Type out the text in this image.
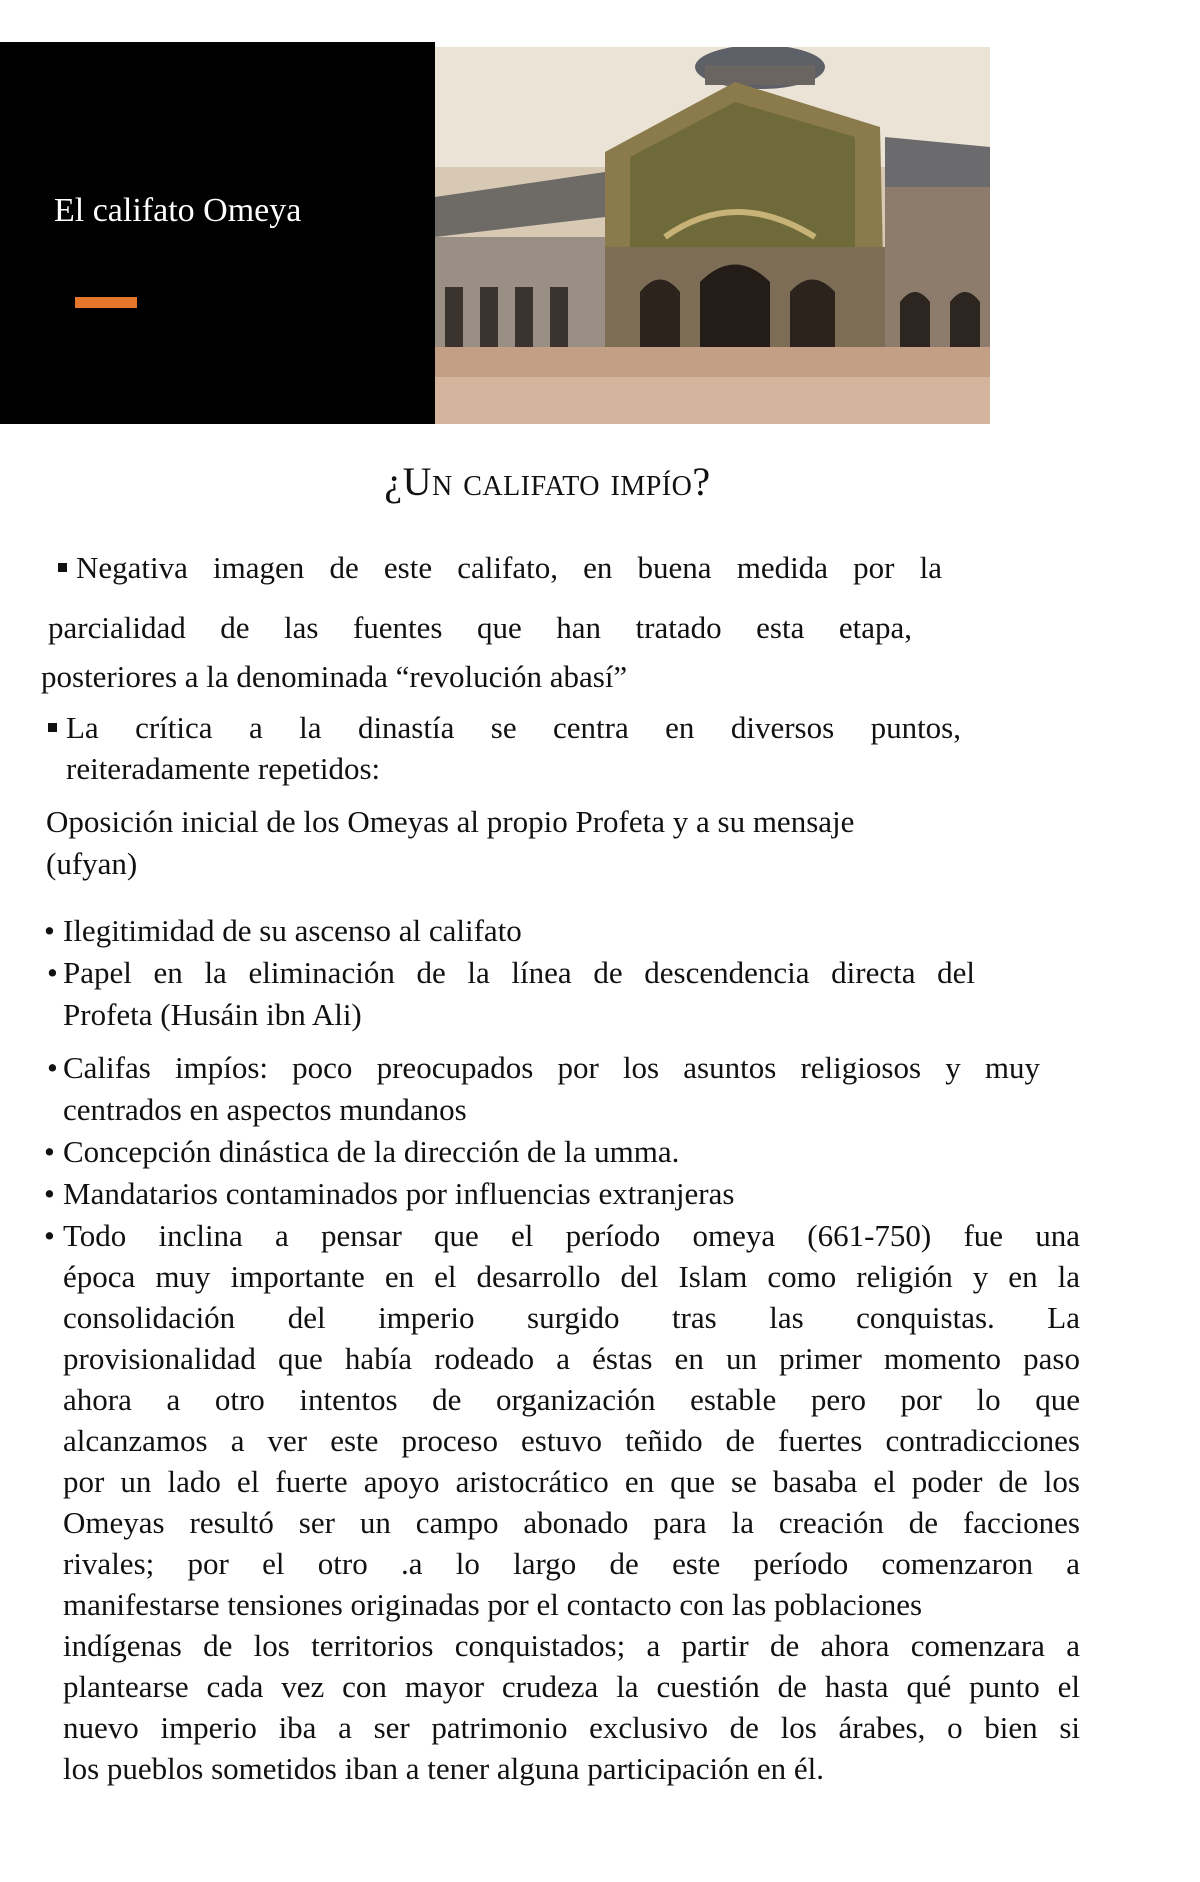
El califato Omeya
¿Un califato impío?

Negativa imagen de este califato, en buena medida por la

parcialidad de las fuentes que han tratado esta etapa,

posteriores a la denominada “revolución abasí”

La crítica a la dinastía se centra en diversos puntos,

reiteradamente repetidos:

Oposición inicial de los Omeyas al propio Profeta y a su mensaje

(ufyan)

• Ilegitimidad de su ascenso al califato

• Papel en la eliminación de la línea de descendencia directa del

Profeta (Husáin ibn Ali)

• Califas impíos: poco preocupados por los asuntos religiosos y muy

centrados en aspectos mundanos

• Concepción dinástica de la dirección de la umma.

• Mandatarios contaminados por influencias extranjeras

• Todo inclina a pensar que el período omeya (661-750) fue una

época muy importante en el desarrollo del Islam como religión y en la

consolidación del imperio surgido tras las conquistas. La

provisionalidad que había rodeado a éstas en un primer momento paso

ahora a otro intentos de organización estable pero por lo que

alcanzamos a ver este proceso estuvo teñido de fuertes contradicciones

por un lado el fuerte apoyo aristocrático en que se basaba el poder de los

Omeyas resultó ser un campo abonado para la creación de facciones

rivales; por el otro .a lo largo de este período comenzaron a

manifestarse tensiones originadas por el contacto con las poblaciones

indígenas de los territorios conquistados; a partir de ahora comenzara a

plantearse cada vez con mayor crudeza la cuestión de hasta qué punto el

nuevo imperio iba a ser patrimonio exclusivo de los árabes, o bien si

los pueblos sometidos iban a tener alguna participación en él.
